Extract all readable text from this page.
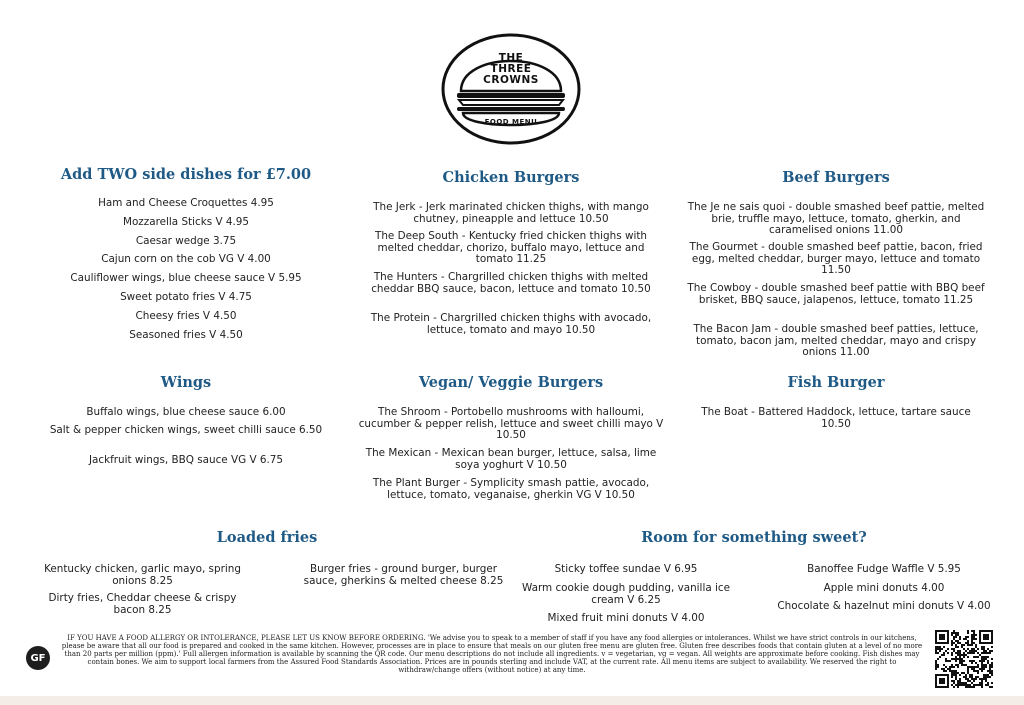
THE
THREE
CROWNS
FOOD MENU
Add TWO side dishes for £7.00
Ham and Cheese Croquettes 4.95
Mozzarella Sticks V 4.95
Caesar wedge 3.75
Cajun corn on the cob VG V 4.00
Cauliflower wings, blue cheese sauce V 5.95
Sweet potato fries V 4.75
Cheesy fries V 4.50
Seasoned fries V 4.50
Chicken Burgers
The Jerk - Jerk marinated chicken thighs, with mango chutney, pineapple and lettuce 10.50
The Deep South - Kentucky fried chicken thighs with melted cheddar, chorizo, buffalo mayo, lettuce and tomato 11.25
The Hunters - Chargrilled chicken thighs with melted cheddar BBQ sauce, bacon, lettuce and tomato 10.50
The Protein - Chargrilled chicken thighs with avocado, lettuce, tomato and mayo 10.50
Beef Burgers
The Je ne sais quoi - double smashed beef pattie, melted brie, truffle mayo, lettuce, tomato, gherkin, and caramelised onions 11.00
The Gourmet - double smashed beef pattie, bacon, fried egg, melted cheddar, burger mayo, lettuce and tomato 11.50
The Cowboy - double smashed beef pattie with BBQ beef brisket, BBQ sauce, jalapenos, lettuce, tomato 11.25
The Bacon Jam - double smashed beef patties, lettuce, tomato, bacon jam, melted cheddar, mayo and crispy onions 11.00
Wings
Buffalo wings, blue cheese sauce 6.00
Salt & pepper chicken wings, sweet chilli sauce 6.50
Jackfruit wings, BBQ sauce VG V 6.75
Vegan/ Veggie Burgers
The Shroom - Portobello mushrooms with halloumi, cucumber & pepper relish, lettuce and sweet chilli mayo V 10.50
The Mexican - Mexican bean burger, lettuce, salsa, lime soya yoghurt V 10.50
The Plant Burger - Symplicity smash pattie, avocado, lettuce, tomato, veganaise, gherkin VG V 10.50
Fish Burger
The Boat - Battered Haddock, lettuce, tartare sauce 10.50
Loaded fries
Kentucky chicken, garlic mayo, spring onions 8.25
Dirty fries, Cheddar cheese & crispy bacon 8.25
Burger fries - ground burger, burger sauce, gherkins & melted cheese 8.25
Room for something sweet?
Sticky toffee sundae V 6.95
Warm cookie dough pudding, vanilla ice cream V 6.25
Mixed fruit mini donuts V 4.00
Banoffee Fudge Waffle V 5.95
Apple mini donuts 4.00
Chocolate & hazelnut mini donuts V 4.00
GF
IF YOU HAVE A FOOD ALLERGY OR INTOLERANCE, PLEASE LET US KNOW BEFORE ORDERING. 'We advise you to speak to a member of staff if you have any food allergies or intolerances. Whilst we have strict controls in our kitchens, please be aware that all our food is prepared and cooked in the same kitchen. However, processes are in place to ensure that meals on our gluten free menu are gluten free. Gluten free describes foods that contain gluten at a level of no more than 20 parts per million (ppm).' Full allergen information is available by scanning the QR code. Our menu descriptions do not include all ingredients. v = vegetarian, vg = vegan. All weights are approximate before cooking. Fish dishes may contain bones. We aim to support local farmers from the Assured Food Standards Association. Prices are in pounds sterling and include VAT, at the current rate. All menu items are subject to availability. We reserved the right to withdraw/change offers (without notice) at any time.
